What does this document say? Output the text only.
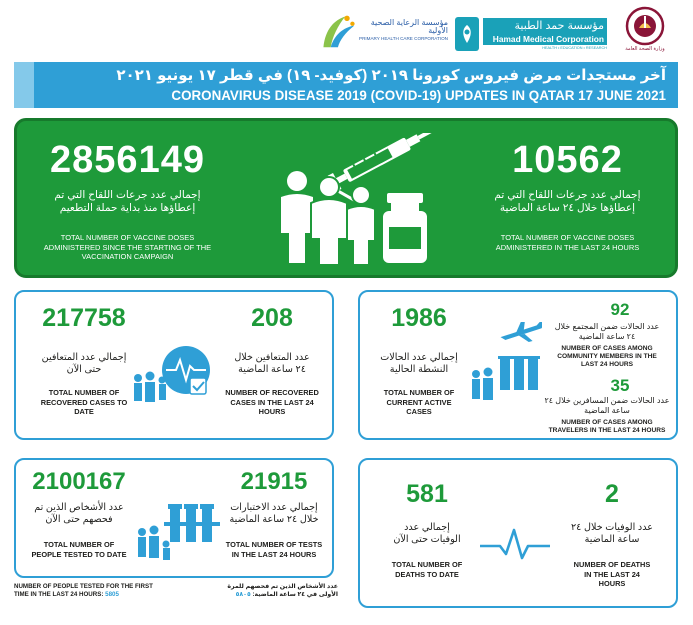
مؤسسة الرعاية الصحية الأولية
PRIMARY HEALTH CARE CORPORATION
مؤسسة حمد الطبية
Hamad Medical Corporation
HEALTH • EDUCATION • RESEARCH	وزارة الصحة العامة
آخر مستجدات مرض فيروس كورونا ٢٠١٩ (كوفيد- ١٩) في قطر ١٧ يونيو ٢٠٢١
CORONAVIRUS DISEASE 2019 (COVID-19) UPDATES IN QATAR 17 JUNE 2021
2856149
إجمالي عدد جرعات اللقاح التي تم
إعطاؤها منذ بداية حملة التطعيم
TOTAL NUMBER OF VACCINE DOSES
ADMINISTERED SINCE THE STARTING OF THE
VACCINATION CAMPAIGN
10562
إجمالي عدد جرعات اللقاح التي تم
إعطاؤها خلال ٢٤ ساعة الماضية
TOTAL NUMBER OF VACCINE DOSES
ADMINISTERED IN THE LAST 24 HOURS
217758
إجمالي عدد المتعافين
حتى الآن
TOTAL NUMBER OF
RECOVERED CASES TO
DATE
208
عدد المتعافين خلال
٢٤ ساعة الماضية
NUMBER OF RECOVERED
CASES IN THE LAST 24
HOURS
1986
إجمالي عدد الحالات
النشطة الحالية
TOTAL NUMBER OF
CURRENT ACTIVE
CASES
92
عدد الحالات ضمن المجتمع خلال
٢٤ ساعة الماضية
NUMBER OF CASES AMONG
COMMUNITY MEMBERS IN THE
LAST 24 HOURS
35
عدد الحالات ضمن المسافرين خلال ٢٤
ساعة الماضية
NUMBER OF CASES AMONG
TRAVELERS IN THE LAST 24 HOURS
2100167
عدد الأشخاص الذين تم
فحصهم حتى الآن
TOTAL NUMBER OF
PEOPLE TESTED TO DATE
21915
إجمالي عدد الاختبارات
خلال ٢٤ ساعة الماضية
TOTAL NUMBER OF TESTS
IN THE LAST 24 HOURS
NUMBER OF PEOPLE TESTED FOR THE FIRST
TIME IN THE LAST 24 HOURS: 5805
عدد الأشخاص الذين تم فحصهم للمرة
الأولى في ٢٤ ساعة الماضية: ٥٨٠٥
581
إجمالي عدد
الوفيات حتى الآن
TOTAL NUMBER OF
DEATHS TO DATE
2
عدد الوفيات خلال ٢٤
ساعة الماضية
NUMBER OF DEATHS
IN THE LAST 24
HOURS
